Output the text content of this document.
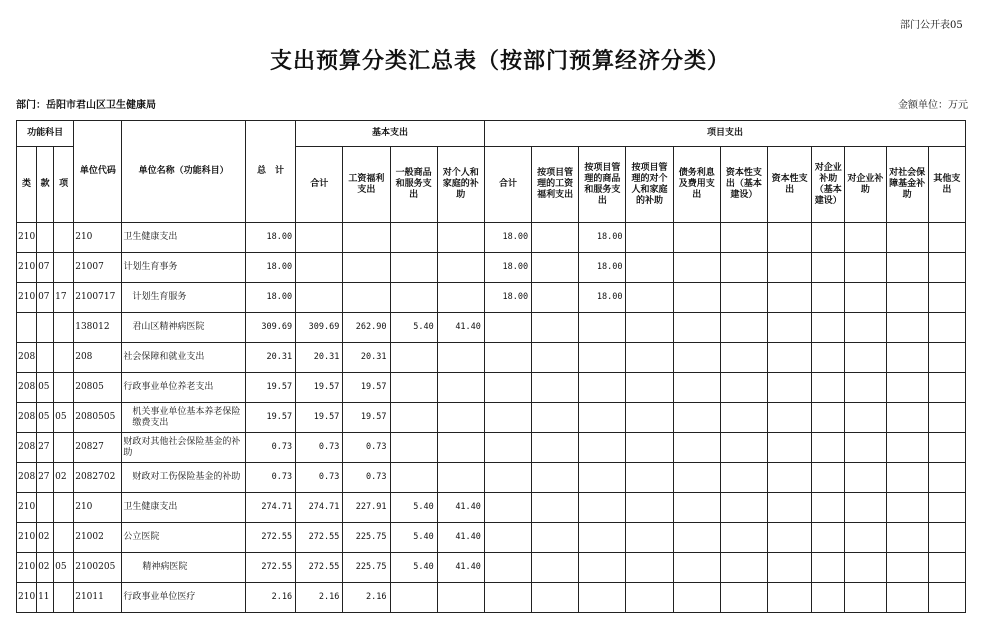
部门公开表05
支出预算分类汇总表（按部门预算经济分类）
部门：岳阳市君山区卫生健康局	金额单位：万元
功能科目			单位代码	单位名称（功能科目）	总　计	基本支出				项目支出										
类	款	项				合计	工资福利支出	一般商品和服务支出	对个人和家庭的补助	合计	按项目管理的工资福利支出	按项目管理的商品和服务支出	按项目管理的对个人和家庭的补助	债务利息及费用支出	资本性支出（基本建设）	资本性支出	对企业补助（基本建设）	对企业补助	对社会保障基金补助	其他支出
210			210	卫生健康支出	18.00					18.00		18.00								
210	07		21007	计划生育事务	18.00					18.00		18.00								
210	07	17	2100717	计划生育服务	18.00					18.00		18.00								
			138012	君山区精神病医院	309.69	309.69	262.90	5.40	41.40											
208			208	社会保障和就业支出	20.31	20.31	20.31													
208	05		20805	行政事业单位养老支出	19.57	19.57	19.57													
208	05	05	2080505	机关事业单位基本养老保险缴费支出	19.57	19.57	19.57													
208	27		20827	财政对其他社会保险基金的补助	0.73	0.73	0.73													
208	27	02	2082702	财政对工伤保险基金的补助	0.73	0.73	0.73													
210			210	卫生健康支出	274.71	274.71	227.91	5.40	41.40											
210	02		21002	公立医院	272.55	272.55	225.75	5.40	41.40											
210	02	05	2100205	精神病医院	272.55	272.55	225.75	5.40	41.40											
210	11		21011	行政事业单位医疗	2.16	2.16	2.16													
